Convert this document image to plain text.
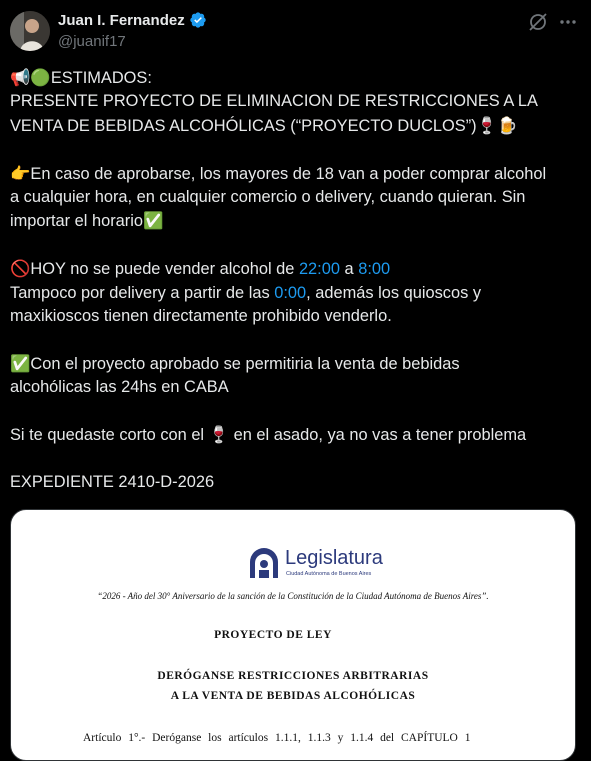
Juan I. Fernandez
@juanif17
📢🟢ESTIMADOS:
PRESENTE PROYECTO DE ELIMINACION DE RESTRICCIONES A LA
VENTA DE BEBIDAS ALCOHÓLICAS (“PROYECTO DUCLOS”)🍷🍺
👉En caso de aprobarse, los mayores de 18 van a poder comprar alcohol
a cualquier hora, en cualquier comercio o delivery, cuando quieran. Sin
importar el horario✅
🚫HOY no se puede vender alcohol de 22:00 a 8:00
Tampoco por delivery a partir de las 0:00, además los quioscos y
maxikioscos tienen directamente prohibido venderlo.
✅Con el proyecto aprobado se permitiria la venta de bebidas
alcohólicas las 24hs en CABA
Si te quedaste corto con el 🍷 en el asado, ya no vas a tener problema
EXPEDIENTE 2410-D-2026
Legislatura
Ciudad Autónoma de Buenos Aires
“2026 - Año del 30° Aniversario de la sanción de la Constitución de la Ciudad Autónoma de Buenos Aires”.
PROYECTO DE LEY
DERÓGANSE RESTRICCIONES ARBITRARIAS
A LA VENTA DE BEBIDAS ALCOHÓLICAS
Artículo 1°.- Deróganse los artículos 1.1.1, 1.1.3 y 1.1.4 del CAPÍTULO 1
